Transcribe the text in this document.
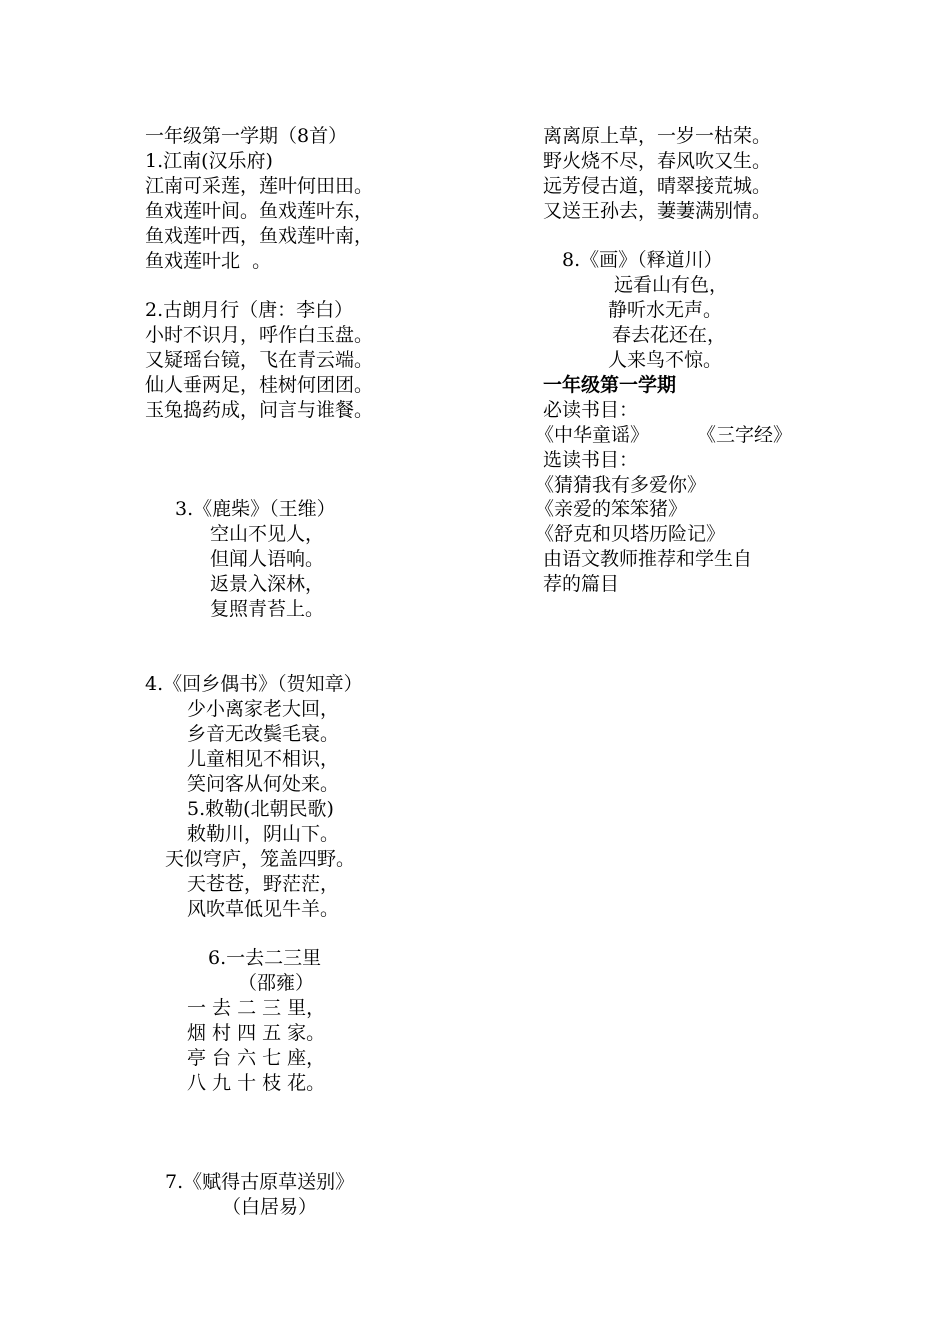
一年级第一学期（8首）
1.江南(汉乐府)
江南可采莲，莲叶何田田。
鱼戏莲叶间。鱼戏莲叶东，
鱼戏莲叶西，鱼戏莲叶南，
鱼戏莲叶北  。
2.古朗月行（唐：李白）
小时不识月，呼作白玉盘。
又疑瑶台镜，飞在青云端。
仙人垂两足，桂树何团团。
玉兔捣药成，问言与谁餐。
3.《鹿柴》（王维）
空山不见人，
但闻人语响。
返景入深林，
复照青苔上。
4.《回乡偶书》（贺知章）
少小离家老大回，
乡音无改鬓毛衰。
儿童相见不相识，
笑问客从何处来。
5.敕勒(北朝民歌)
敕勒川，阴山下。
天似穹庐，笼盖四野。
天苍苍，野茫茫，
风吹草低见牛羊。
6.一去二三里
（邵雍）
一 去 二 三 里，
烟 村 四 五 家。
亭 台 六 七 座，
八 九 十 枝 花。
7.《赋得古原草送别》
（白居易）
离离原上草，一岁一枯荣。
野火烧不尽，春风吹又生。
远芳侵古道，晴翠接荒城。
又送王孙去，萋萋满别情。
8.《画》（释道川）
远看山有色，
静听水无声。
春去花还在，
人来鸟不惊。
一年级第一学期
必读书目：
《中华童谣》	《三字经》
选读书目：
《猜猜我有多爱你》
《亲爱的笨笨猪》
《舒克和贝塔历险记》
由语文教师推荐和学生自
荐的篇目
